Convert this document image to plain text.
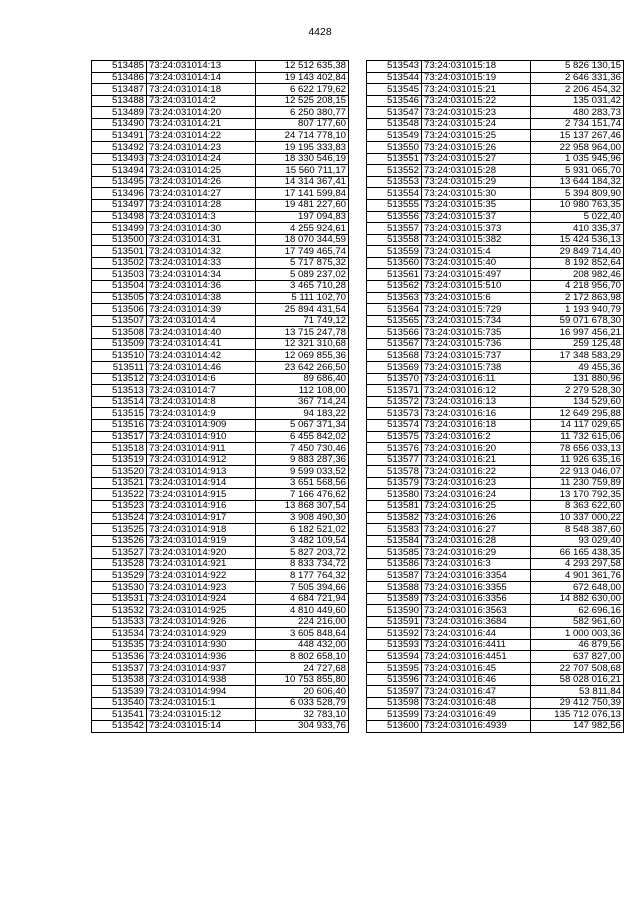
4428
513485	73:24:031014:13	12 512 635,38
513486	73:24:031014:14	19 143 402,84
513487	73:24:031014:18	6 622 179,62
513488	73:24:031014:2	12 525 208,15
513489	73:24:031014:20	6 250 380,77
513490	73:24:031014:21	807 177,60
513491	73:24:031014:22	24 714 778,10
513492	73:24:031014:23	19 195 333,83
513493	73:24:031014:24	18 330 546,19
513494	73:24:031014:25	15 560 711,17
513495	73:24:031014:26	14 314 367,41
513496	73:24:031014:27	17 141 599,84
513497	73:24:031014:28	19 481 227,60
513498	73:24:031014:3	197 094,83
513499	73:24:031014:30	4 255 924,61
513500	73:24:031014:31	18 070 344,59
513501	73:24:031014:32	17 749 465,74
513502	73:24:031014:33	5 717 875,32
513503	73:24:031014:34	5 089 237,02
513504	73:24:031014:36	3 465 710,28
513505	73:24:031014:38	5 111 102,70
513506	73:24:031014:39	25 894 431,54
513507	73:24:031014:4	71 749,12
513508	73:24:031014:40	13 715 247,78
513509	73:24:031014:41	12 321 310,68
513510	73:24:031014:42	12 069 855,36
513511	73:24:031014:46	23 642 266,50
513512	73:24:031014:6	89 686,40
513513	73:24:031014:7	112 108,00
513514	73:24:031014:8	367 714,24
513515	73:24:031014:9	94 183,22
513516	73:24:031014:909	5 067 371,34
513517	73:24:031014:910	6 455 842,02
513518	73:24:031014:911	7 450 730,46
513519	73:24:031014:912	9 883 287,36
513520	73:24:031014:913	9 599 033,52
513521	73:24:031014:914	3 651 568,56
513522	73:24:031014:915	7 166 476,62
513523	73:24:031014:916	13 868 307,54
513524	73:24:031014:917	3 908 490,30
513525	73:24:031014:918	6 182 521,02
513526	73:24:031014:919	3 482 109,54
513527	73:24:031014:920	5 827 203,72
513528	73:24:031014:921	8 833 734,72
513529	73:24:031014:922	8 177 764,32
513530	73:24:031014:923	7 505 394,66
513531	73:24:031014:924	4 684 721,94
513532	73:24:031014:925	4 810 449,60
513533	73:24:031014:926	224 216,00
513534	73:24:031014:929	3 605 848,64
513535	73:24:031014:930	448 432,00
513536	73:24:031014:936	8 802 658,10
513537	73:24:031014:937	24 727,68
513538	73:24:031014:938	10 753 855,80
513539	73:24:031014:994	20 606,40
513540	73:24:031015:1	6 033 528,79
513541	73:24:031015:12	32 783,10
513542	73:24:031015:14	304 933,76
513543	73:24:031015:18	5 826 130,15
513544	73:24:031015:19	2 646 331,36
513545	73:24:031015:21	2 206 454,32
513546	73:24:031015:22	135 031,42
513547	73:24:031015:23	480 283,73
513548	73:24:031015:24	2 734 151,74
513549	73:24:031015:25	15 137 267,46
513550	73:24:031015:26	22 958 964,00
513551	73:24:031015:27	1 035 945,96
513552	73:24:031015:28	5 931 065,70
513553	73:24:031015:29	13 644 184,32
513554	73:24:031015:30	5 394 809,90
513555	73:24:031015:35	10 980 763,35
513556	73:24:031015:37	5 022,40
513557	73:24:031015:373	410 335,37
513558	73:24:031015:382	15 424 536,13
513559	73:24:031015:4	29 849 714,40
513560	73:24:031015:40	8 192 852,64
513561	73:24:031015:497	208 982,46
513562	73:24:031015:510	4 218 956,70
513563	73:24:031015:6	2 172 863,98
513564	73:24:031015:729	1 193 940,79
513565	73:24:031015:734	59 071 678,30
513566	73:24:031015:735	16 997 456,21
513567	73:24:031015:736	259 125,48
513568	73:24:031015:737	17 348 583,29
513569	73:24:031015:738	49 455,36
513570	73:24:031016:11	131 880,96
513571	73:24:031016:12	2 279 528,30
513572	73:24:031016:13	134 529,60
513573	73:24:031016:16	12 649 295,88
513574	73:24:031016:18	14 117 029,65
513575	73:24:031016:2	11 732 615,06
513576	73:24:031016:20	78 656 033,13
513577	73:24:031016:21	11 926 635,16
513578	73:24:031016:22	22 913 046,07
513579	73:24:031016:23	11 230 759,89
513580	73:24:031016:24	13 170 792,35
513581	73:24:031016:25	8 363 622,60
513582	73:24:031016:26	10 337 000,22
513583	73:24:031016:27	8 548 387,60
513584	73:24:031016:28	93 029,40
513585	73:24:031016:29	66 165 438,35
513586	73:24:031016:3	4 293 297,58
513587	73:24:031016:3354	4 901 361,76
513588	73:24:031016:3355	672 648,00
513589	73:24:031016:3356	14 882 630,00
513590	73:24:031016:3563	62 696,16
513591	73:24:031016:3684	582 961,60
513592	73:24:031016:44	1 000 003,36
513593	73:24:031016:4411	46 879,56
513594	73:24:031016:4451	637 827,00
513595	73:24:031016:45	22 707 508,68
513596	73:24:031016:46	58 028 016,21
513597	73:24:031016:47	53 811,84
513598	73:24:031016:48	29 412 750,39
513599	73:24:031016:49	135 712 076,13
513600	73:24:031016:4939	147 982,56
